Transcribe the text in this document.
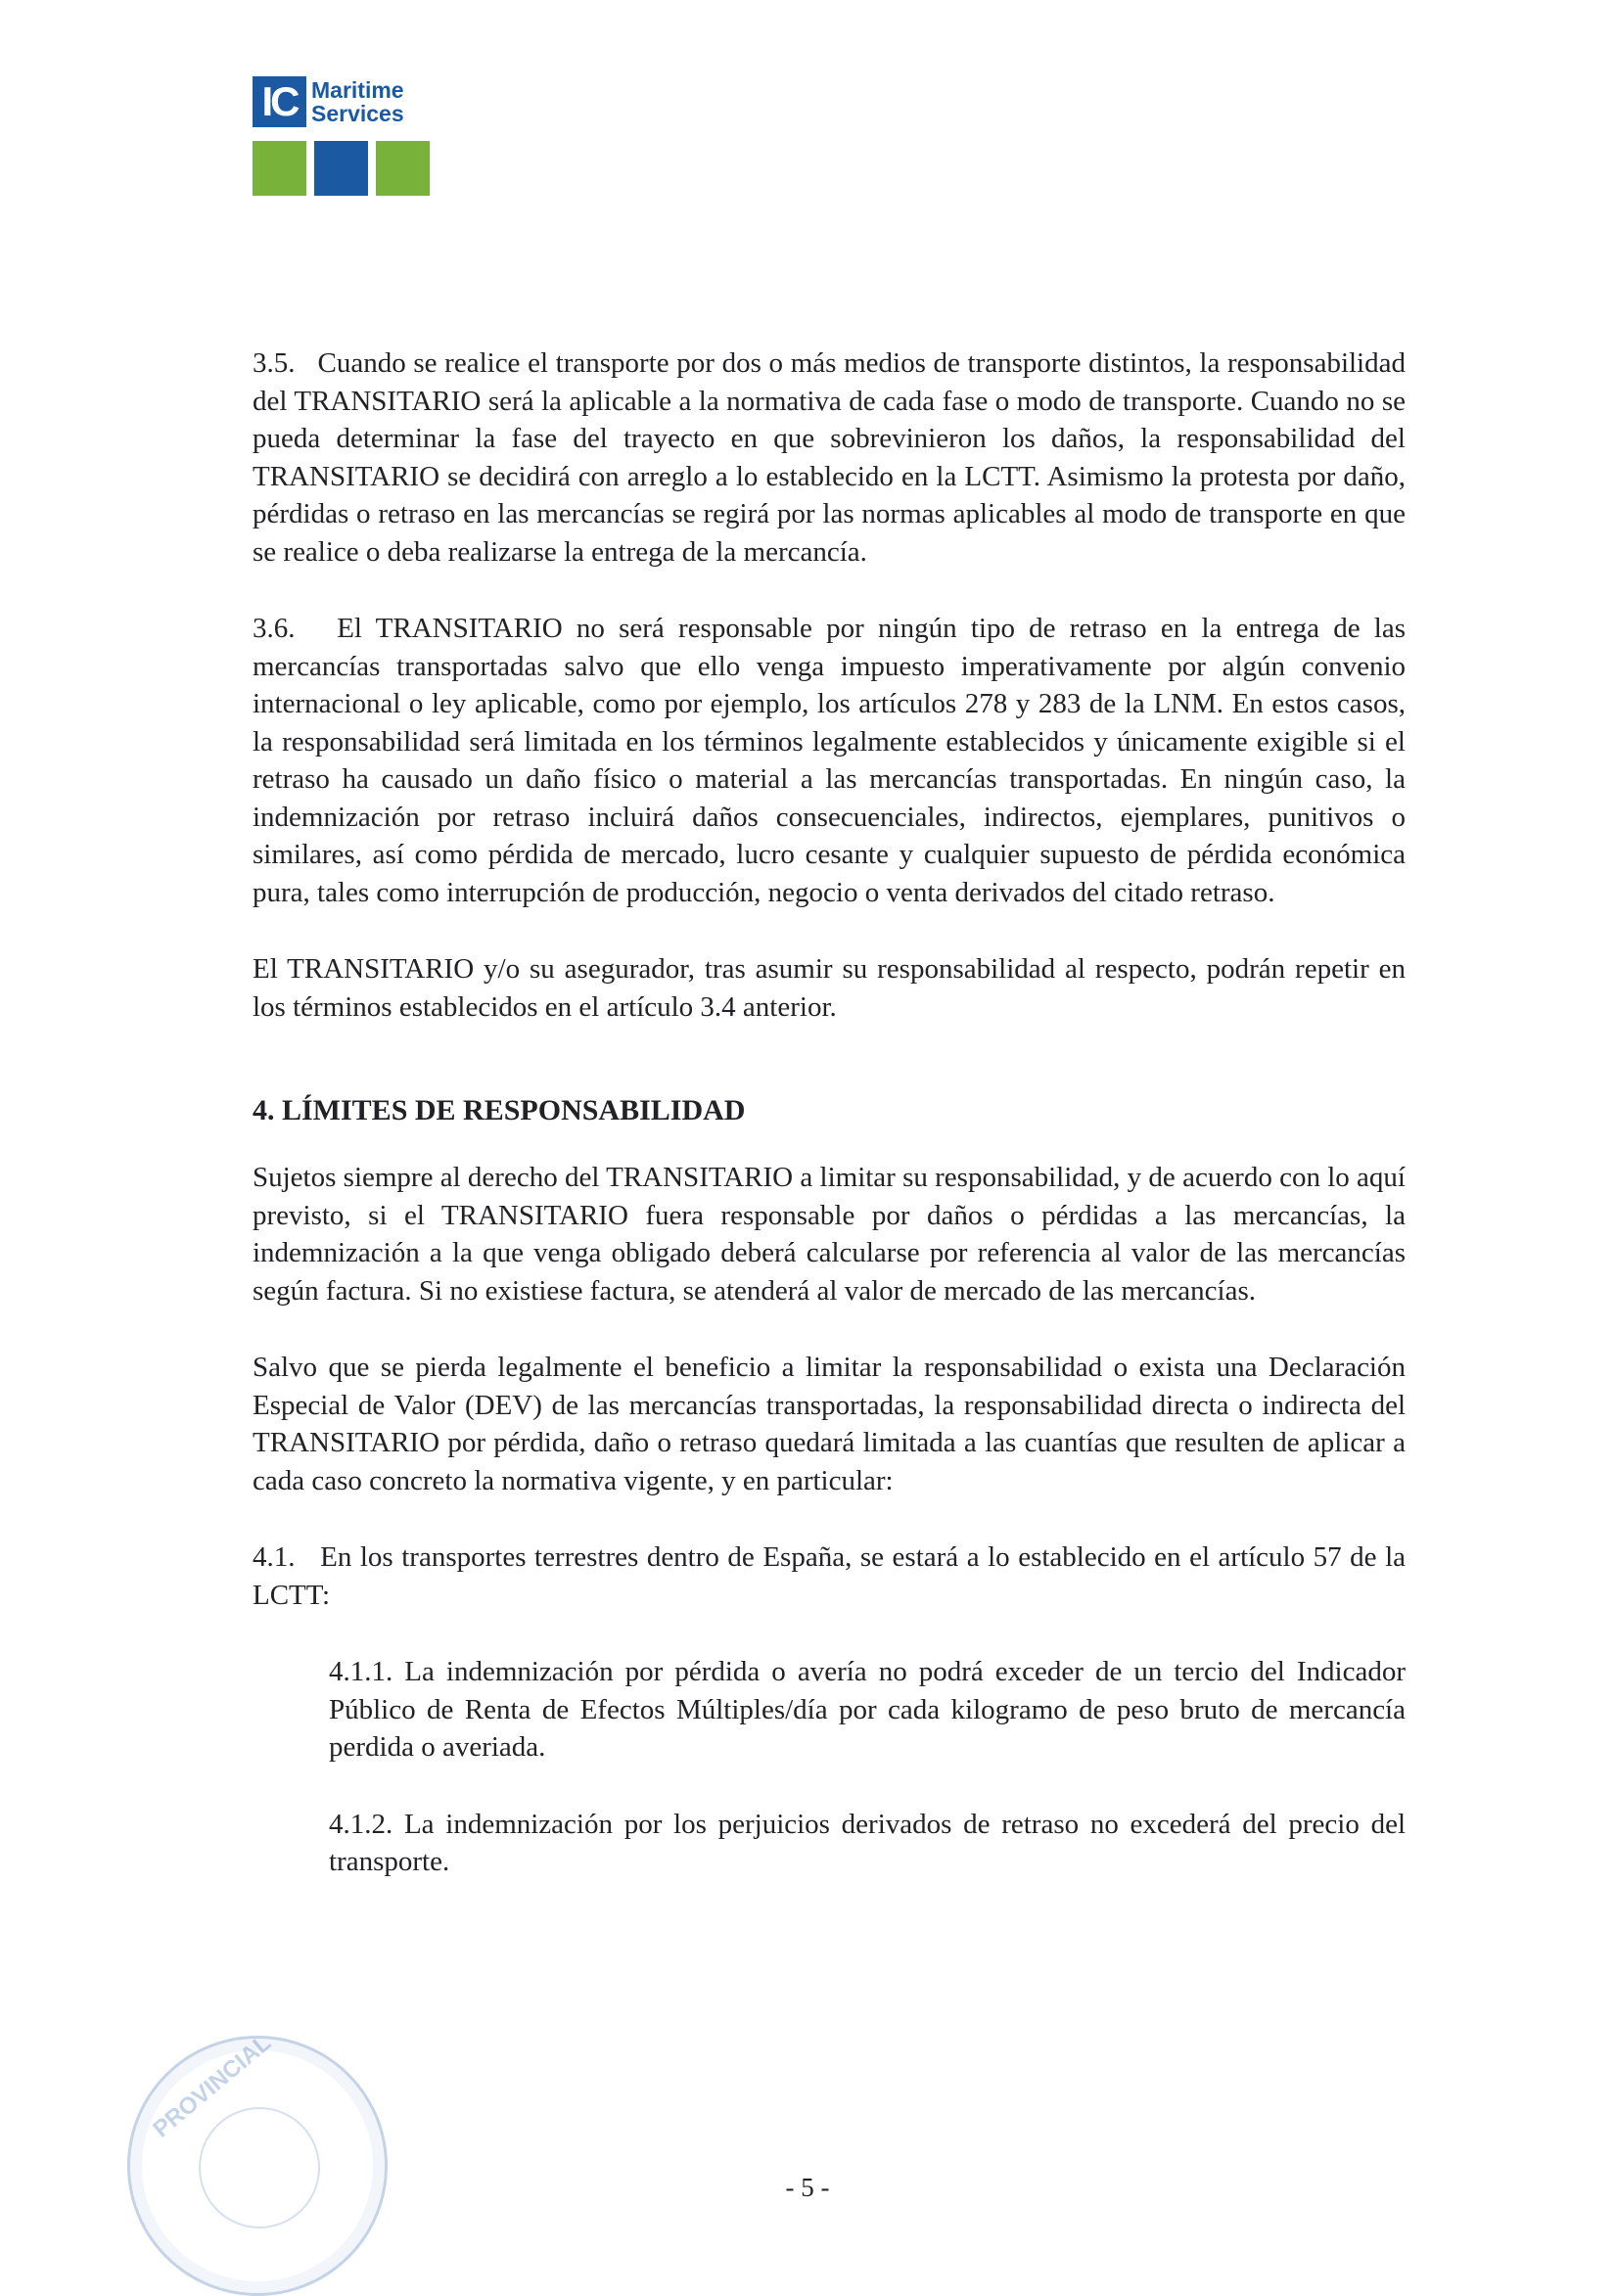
IC Maritime
Services

3.5. Cuando se realice el transporte por dos o más medios de transporte distintos, la responsabilidad del TRANSITARIO será la aplicable a la normativa de cada fase o modo de transporte. Cuando no se pueda determinar la fase del trayecto en que sobrevinieron los daños, la responsabilidad del TRANSITARIO se decidirá con arreglo a lo establecido en la LCTT. Asimismo la protesta por daño, pérdidas o retraso en las mercancías se regirá por las normas aplicables al modo de transporte en que se realice o deba realizarse la entrega de la mercancía.

3.6. El TRANSITARIO no será responsable por ningún tipo de retraso en la entrega de las mercancías transportadas salvo que ello venga impuesto imperativamente por algún convenio internacional o ley aplicable, como por ejemplo, los artículos 278 y 283 de la LNM. En estos casos, la responsabilidad será limitada en los términos legalmente establecidos y únicamente exigible si el retraso ha causado un daño físico o material a las mercancías transportadas. En ningún caso, la indemnización por retraso incluirá daños consecuenciales, indirectos, ejemplares, punitivos o similares, así como pérdida de mercado, lucro cesante y cualquier supuesto de pérdida económica pura, tales como interrupción de producción, negocio o venta derivados del citado retraso.

El TRANSITARIO y/o su asegurador, tras asumir su responsabilidad al respecto, podrán repetir en los términos establecidos en el artículo 3.4 anterior.

4. LÍMITES DE RESPONSABILIDAD

Sujetos siempre al derecho del TRANSITARIO a limitar su responsabilidad, y de acuerdo con lo aquí previsto, si el TRANSITARIO fuera responsable por daños o pérdidas a las mercancías, la indemnización a la que venga obligado deberá calcularse por referencia al valor de las mercancías según factura. Si no existiese factura, se atenderá al valor de mercado de las mercancías.

Salvo que se pierda legalmente el beneficio a limitar la responsabilidad o exista una Declaración Especial de Valor (DEV) de las mercancías transportadas, la responsabilidad directa o indirecta del TRANSITARIO por pérdida, daño o retraso quedará limitada a las cuantías que resulten de aplicar a cada caso concreto la normativa vigente, y en particular:

4.1. En los transportes terrestres dentro de España, se estará a lo establecido en el artículo 57 de la LCTT:

4.1.1. La indemnización por pérdida o avería no podrá exceder de un tercio del Indicador Público de Renta de Efectos Múltiples/día por cada kilogramo de peso bruto de mercancía perdida o averiada.

4.1.2. La indemnización por los perjuicios derivados de retraso no excederá del precio del transporte.

PROVINCIAL
- 5 -
